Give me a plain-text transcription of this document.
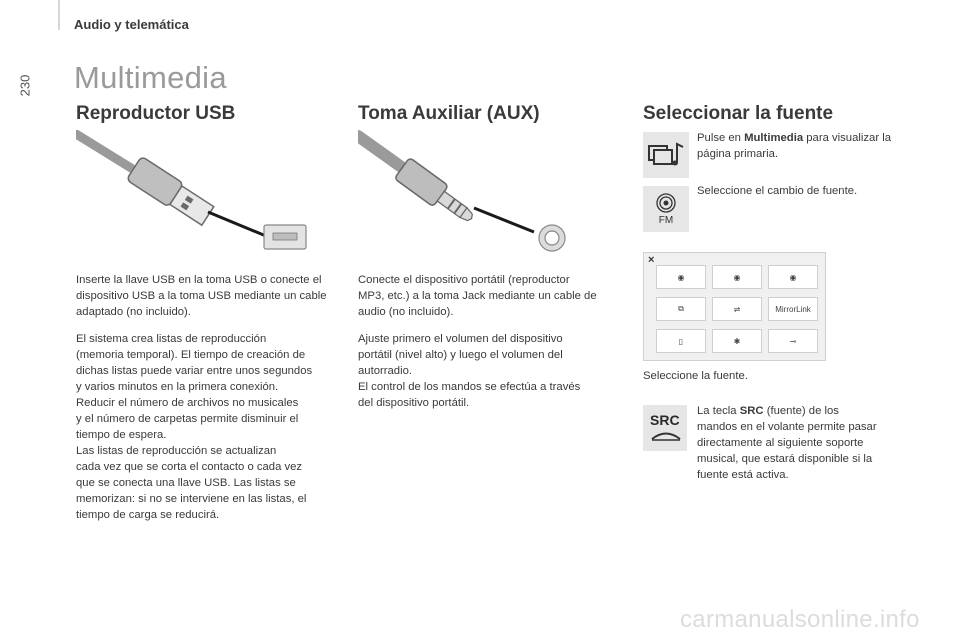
Audio y telemática
230 Multimedia
Reproductor USB
Inserte la llave USB en la toma USB o conecte el dispositivo USB a la toma USB mediante un cable adaptado (no incluido).
El sistema crea listas de reproducción
(memoria temporal). El tiempo de creación de
dichas listas puede variar entre unos segundos
y varios minutos en la primera conexión.
Reducir el número de archivos no musicales
y el número de carpetas permite disminuir el
tiempo de espera.
Las listas de reproducción se actualizan
cada vez que se corta el contacto o cada vez
que se conecta una llave USB. Las listas se
memorizan: si no se interviene en las listas, el
tiempo de carga se reducirá.
Toma Auxiliar (AUX)
Conecte el dispositivo portátil (reproductor
MP3, etc.) a la toma Jack mediante un cable de
audio (no incluido).
Ajuste primero el volumen del dispositivo
portátil (nivel alto) y luego el volumen del
autorradio.
El control de los mandos se efectúa a través
del dispositivo portátil.
Seleccionar la fuente
Pulse en Multimedia para visualizar la página primaria.
FM
Seleccione el cambio de fuente.
×
◉	◉	◉
⧉	⇌	MirrorLink
▯	✱	⊸
Seleccione la fuente.
SRC
La tecla SRC (fuente) de los
mandos en el volante permite pasar
directamente al siguiente soporte
musical, que estará disponible si la
fuente está activa.
carmanualsonline.info
